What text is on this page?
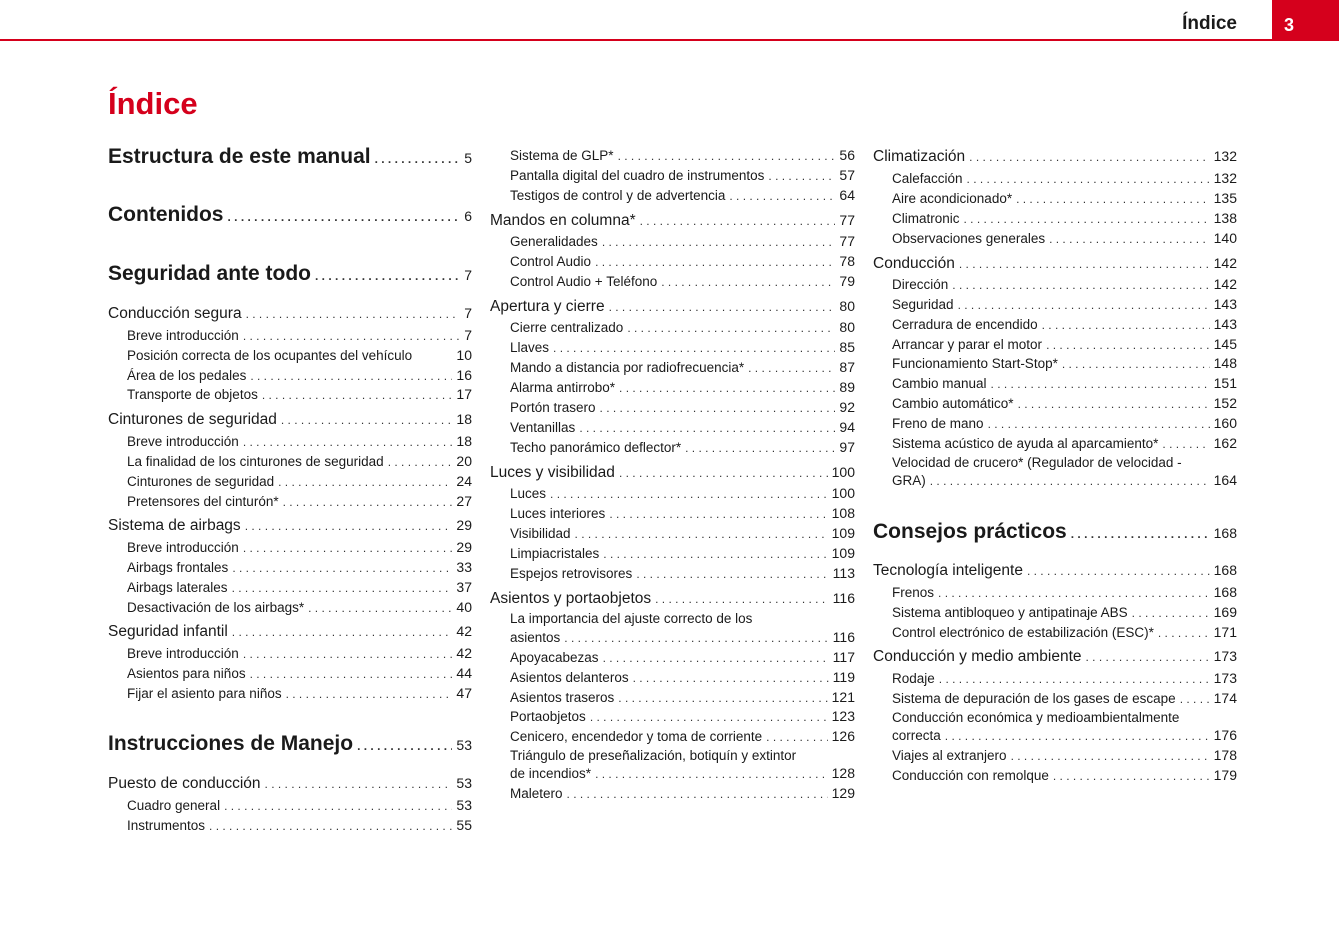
Índice	3
Índice
Estructura de este manual . . .	5
Contenidos . . .	6
Seguridad ante todo . . .	7
Conducción segura . . .	7
Breve introducción . . .	7
Posición correcta de los ocupantes del vehículo	10
Área de los pedales . . .	16
Transporte de objetos . . .	17
Cinturones de seguridad . . .	18
Breve introducción . . .	18
La finalidad de los cinturones de seguridad . . .	20
Cinturones de seguridad . . .	24
Pretensores del cinturón* . . .	27
Sistema de airbags . . .	29
Breve introducción . . .	29
Airbags frontales . . .	33
Airbags laterales . . .	37
Desactivación de los airbags* . . .	40
Seguridad infantil . . .	42
Breve introducción . . .	42
Asientos para niños . . .	44
Fijar el asiento para niños . . .	47
Instrucciones de Manejo . . .	53
Puesto de conducción . . .	53
Cuadro general . . .	53
Instrumentos . . .	55
Sistema de GLP* . . .	56
Pantalla digital del cuadro de instrumentos . . .	57
Testigos de control y de advertencia . . .	64
Mandos en columna* . . .	77
Generalidades . . .	77
Control Audio . . .	78
Control Audio + Teléfono . . .	79
Apertura y cierre . . .	80
Cierre centralizado . . .	80
Llaves . . .	85
Mando a distancia por radiofrecuencia* . . .	87
Alarma antirrobo* . . .	89
Portón trasero . . .	92
Ventanillas . . .	94
Techo panorámico deflector* . . .	97
Luces y visibilidad . . .	100
Luces . . .	100
Luces interiores . . .	108
Visibilidad . . .	109
Limpiacristales . . .	109
Espejos retrovisores . . .	113
Asientos y portaobjetos . . .	116
La importancia del ajuste correcto de los
asientos . . .	116
Apoyacabezas . . .	117
Asientos delanteros . . .	119
Asientos traseros . . .	121
Portaobjetos . . .	123
Cenicero, encendedor y toma de corriente . . .	126
Triángulo de preseñalización, botiquín y extintor
de incendios* . . .	128
Maletero . . .	129
Climatización . . .	132
Calefacción . . .	132
Aire acondicionado* . . .	135
Climatronic . . .	138
Observaciones generales . . .	140
Conducción . . .	142
Dirección . . .	142
Seguridad . . .	143
Cerradura de encendido . . .	143
Arrancar y parar el motor . . .	145
Funcionamiento Start-Stop* . . .	148
Cambio manual . . .	151
Cambio automático* . . .	152
Freno de mano . . .	160
Sistema acústico de ayuda al aparcamiento* . . .	162
Velocidad de crucero* (Regulador de velocidad -
GRA) . . .	164
Consejos prácticos . . .	168
Tecnología inteligente . . .	168
Frenos . . .	168
Sistema antibloqueo y antipatinaje ABS . . .	169
Control electrónico de estabilización (ESC)* . . .	171
Conducción y medio ambiente . . .	173
Rodaje . . .	173
Sistema de depuración de los gases de escape . . .	174
Conducción económica y medioambientalmente
correcta . . .	176
Viajes al extranjero . . .	178
Conducción con remolque . . .	179
